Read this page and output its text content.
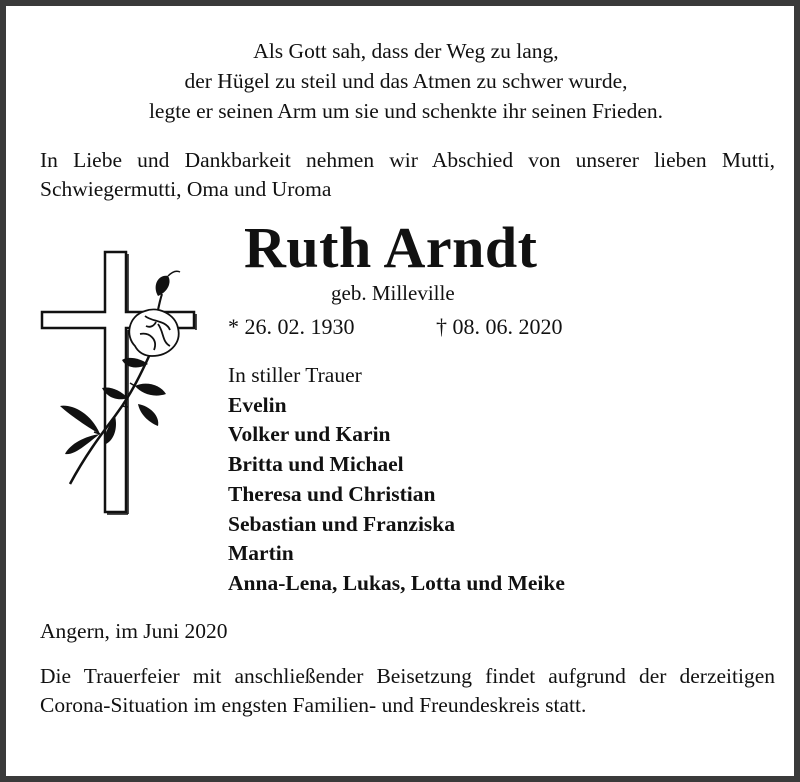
Als Gott sah, dass der Weg zu lang,
der Hügel zu steil und das Atmen zu schwer wurde,
legte er seinen Arm um sie und schenkte ihr seinen Frieden.
In Liebe und Dankbarkeit nehmen wir Abschied von unserer lieben Mutti, Schwiegermutti, Oma und Uroma
Ruth Arndt
geb. Milleville
* 26. 02. 1930	† 08. 06. 2020
In stiller Trauer
Evelin
Volker und Karin
Britta und Michael
Theresa und Christian
Sebastian und Franziska
Martin
Anna-Lena, Lukas, Lotta und Meike
Angern, im Juni 2020
Die Trauerfeier mit anschließender Beisetzung findet aufgrund der derzeitigen Corona-Situation im engsten Familien- und Freundeskreis statt.
